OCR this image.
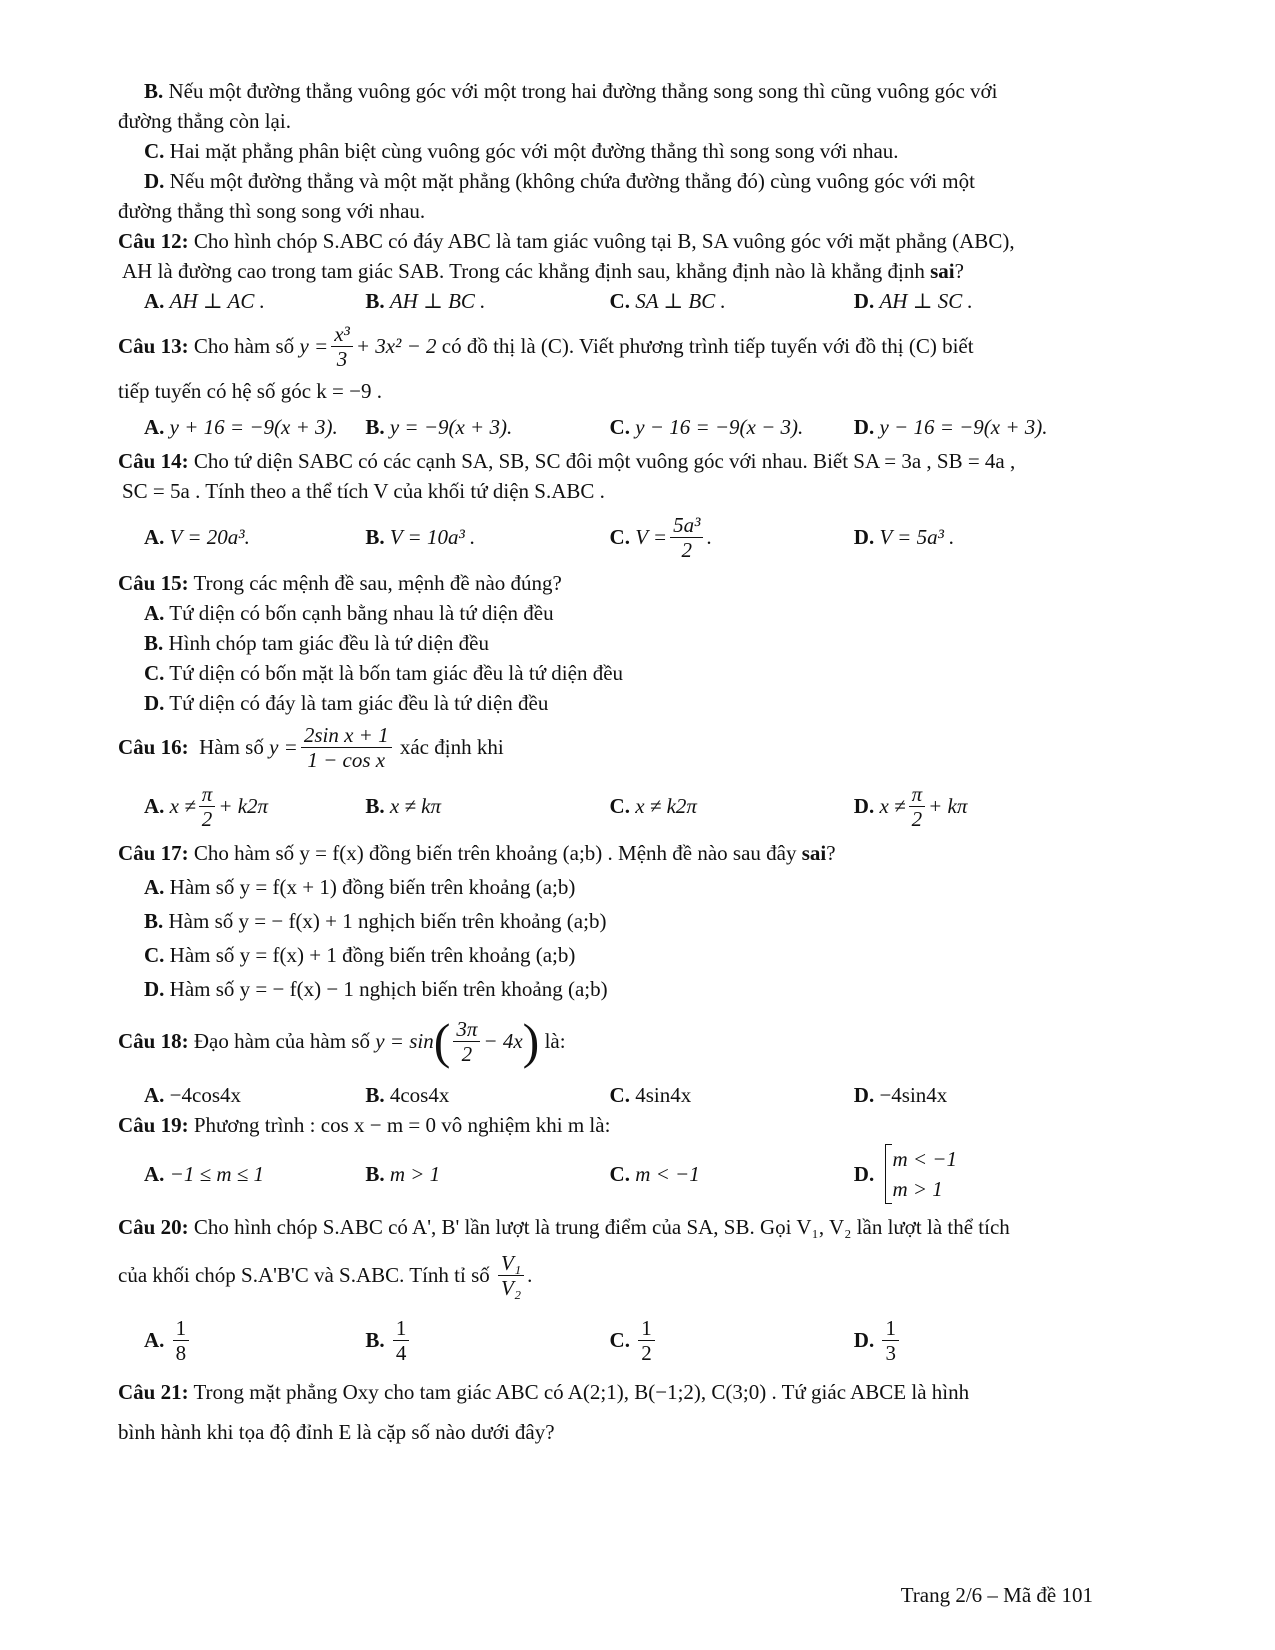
B. Nếu một đường thẳng vuông góc với một trong hai đường thẳng song song thì cũng vuông góc với
đường thẳng còn lại.
C. Hai mặt phẳng phân biệt cùng vuông góc với một đường thẳng thì song song với nhau.
D. Nếu một đường thẳng và một mặt phẳng (không chứa đường thẳng đó) cùng vuông góc với một
đường thẳng thì song song với nhau.
Câu 12: Cho hình chóp S.ABC có đáy ABC là tam giác vuông tại B, SA vuông góc với mặt phẳng (ABC),
AH là đường cao trong tam giác SAB. Trong các khẳng định sau, khẳng định nào là khẳng định sai?
A.
AH ⊥ AC .	B.
AH ⊥ BC .	C.
SA ⊥ BC .	D.
AH ⊥ SC .
Câu 13:
Cho hàm số
$y = \frac{\text{x³}}{3} + 3x^2 - 2$
có đồ thị là (C). Viết phương trình tiếp tuyến với đồ thị (C) biết
tiếp tuyến có hệ số góc k = −9 .
A.
y + 16 = −9(x + 3). B.
y = −9(x + 3).	C.
y − 16 = −9(x − 3). D.
y − 16 = −9(x + 3).
Câu 14: Cho tứ diện SABC có các cạnh SA, SB, SC đôi một vuông góc với nhau. Biết SA = 3a , SB = 4a ,
SC = 5a . Tính theo a thể tích V của khối tứ diện S.ABC .
A.
V = 20a³.	B.
V = 10a³ .	C.
$V = \frac{\text{5a³}}{2}$ .	D.
V = 5a³ .
Câu 15: Trong các mệnh đề sau, mệnh đề nào đúng?
A. Tứ diện có bốn cạnh bằng nhau là tứ diện đều
B. Hình chóp tam giác đều là tứ diện đều
C. Tứ diện có bốn mặt là bốn tam giác đều là tứ diện đều
D. Tứ diện có đáy là tam giác đều là tứ diện đều
Câu 16:
Hàm số
$y = \frac{\text{2sin x + 1}}{\text{1 − cos x}}$
xác định khi
A.
$x \ne \frac{\pi}{2} + k2\pi$	B.
x ≠ kπ	C.
x ≠ k2π	D.
$x \ne \frac{\pi}{2} + k\pi$
Câu 17: Cho hàm số y = f(x) đồng biến trên khoảng (a;b) . Mệnh đề nào sau đây sai?
A. Hàm số y = f(x + 1) đồng biến trên khoảng (a;b)
B. Hàm số y = − f(x) + 1 nghịch biến trên khoảng (a;b)
C. Hàm số y = f(x) + 1 đồng biến trên khoảng (a;b)
D. Hàm số y = − f(x) − 1 nghịch biến trên khoảng (a;b)
Câu 18:
Đạo hàm của hàm số
y = sin ( $\frac{3\pi}{2} - 4x$ )
là:
A.
−4cos4x	B.
4cos4x	C.
4sin4x	D.
−4sin4x
Câu 19: Phương trình : cos x − m = 0 vô nghiệm khi m là:
A.
−1 ≤ m ≤ 1	B.
m > 1	C.
m < −1	D.

m < −1
m > 1
Câu 20: Cho hình chóp S.ABC có A', B' lần lượt là trung điểm của SA, SB. Gọi V₁, V₂ lần lượt là thể tích
của khối chóp S.A'B'C và S.ABC. Tính tỉ số
$\frac{\text{V₁}}{\text{V₂}}$ .
A.
$\frac{1}{8}$	B.
$\frac{1}{4}$	C.
$\frac{1}{2}$	D.
$\frac{1}{3}$
Câu 21: Trong mặt phẳng Oxy cho tam giác ABC có A(2;1), B(−1;2), C(3;0) . Tứ giác ABCE là hình
bình hành khi tọa độ đỉnh E là cặp số nào dưới đây?
Trang 2/6 – Mã đề 101
